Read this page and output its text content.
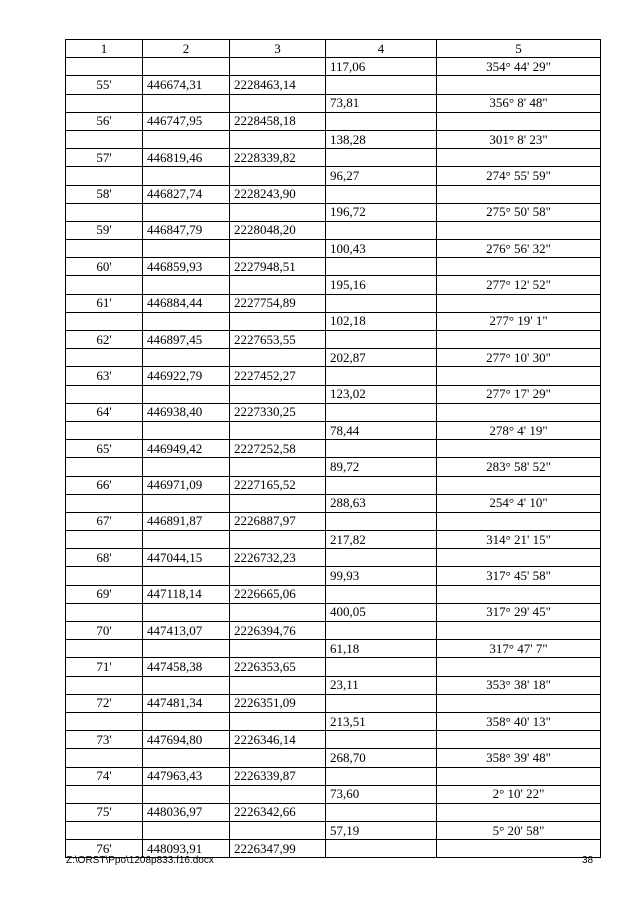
1	2	3	4	5
			117,06	354° 44' 29"
55'	446674,31	2228463,14		
			73,81	356° 8' 48"
56'	446747,95	2228458,18		
			138,28	301° 8' 23"
57'	446819,46	2228339,82		
			96,27	274° 55' 59"
58'	446827,74	2228243,90		
			196,72	275° 50' 58"
59'	446847,79	2228048,20		
			100,43	276° 56' 32"
60'	446859,93	2227948,51		
			195,16	277° 12' 52"
61'	446884,44	2227754,89		
			102,18	277° 19' 1"
62'	446897,45	2227653,55		
			202,87	277° 10' 30"
63'	446922,79	2227452,27		
			123,02	277° 17' 29"
64'	446938,40	2227330,25		
			78,44	278° 4' 19"
65'	446949,42	2227252,58		
			89,72	283° 58' 52"
66'	446971,09	2227165,52		
			288,63	254° 4' 10"
67'	446891,87	2226887,97		
			217,82	314° 21' 15"
68'	447044,15	2226732,23		
			99,93	317° 45' 58"
69'	447118,14	2226665,06		
			400,05	317° 29' 45"
70'	447413,07	2226394,76		
			61,18	317° 47' 7"
71'	447458,38	2226353,65		
			23,11	353° 38' 18"
72'	447481,34	2226351,09		
			213,51	358° 40' 13"
73'	447694,80	2226346,14		
			268,70	358° 39' 48"
74'	447963,43	2226339,87		
			73,60	2° 10' 22"
75'	448036,97	2226342,66		
			57,19	5° 20' 58"
76'	448093,91	2226347,99		
Z:\ORST\Ppo\1208p833.f16.docx	38
